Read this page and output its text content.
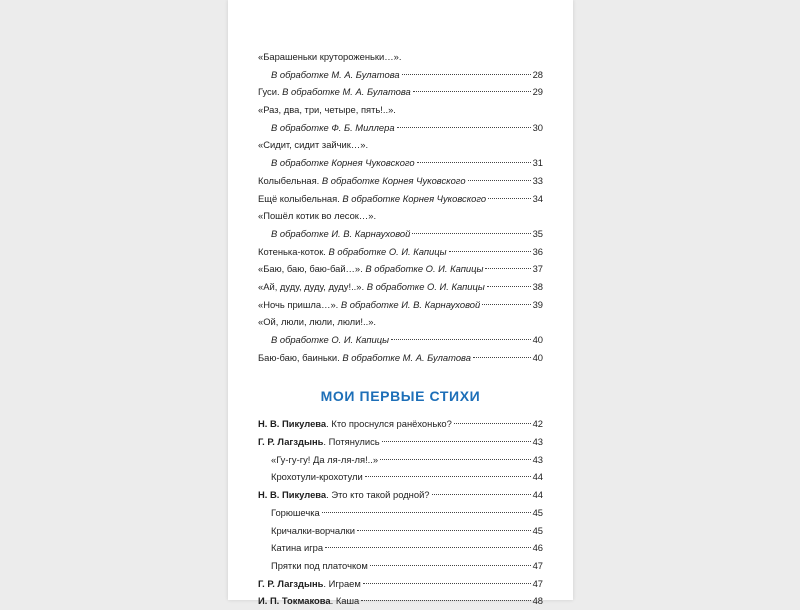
«Барашеньки крутороженьки…».
В обработке М. А. Булатова	28
Гуси. В обработке М. А. Булатова	29
«Раз, два, три, четыре, пять!..».
В обработке Ф. Б. Миллера	30
«Сидит, сидит зайчик…».
В обработке Корнея Чуковского	31
Колыбельная. В обработке Корнея Чуковского	33
Ещё колыбельная. В обработке Корнея Чуковского	34
«Пошёл котик во лесок…».
В обработке И. В. Карнауховой	35
Котенька-коток. В обработке О. И. Капицы	36
«Баю, баю, баю-бай…». В обработке О. И. Капицы	37
«Ай, дуду, дуду, дуду!..». В обработке О. И. Капицы	38
«Ночь пришла…». В обработке И. В. Карнауховой	39
«Ой, люли, люли, люли!..».
В обработке О. И. Капицы	40
Баю-баю, баиньки. В обработке М. А. Булатова	40
МОИ ПЕРВЫЕ СТИХИ
Н. В. Пикулева. Кто проснулся ранёхонько?	42
Г. Р. Лагздынь. Потянулись	43
«Гу-гу-гу! Да ля-ля-ля!..»	43
Крохотули-крохотули	44
Н. В. Пикулева. Это кто такой родной?	44
Горюшечка	45
Кричалки-ворчалки	45
Катина игра	46
Прятки под платочком	47
Г. Р. Лагздынь. Играем	47
И. П. Токмакова. Каша	48
